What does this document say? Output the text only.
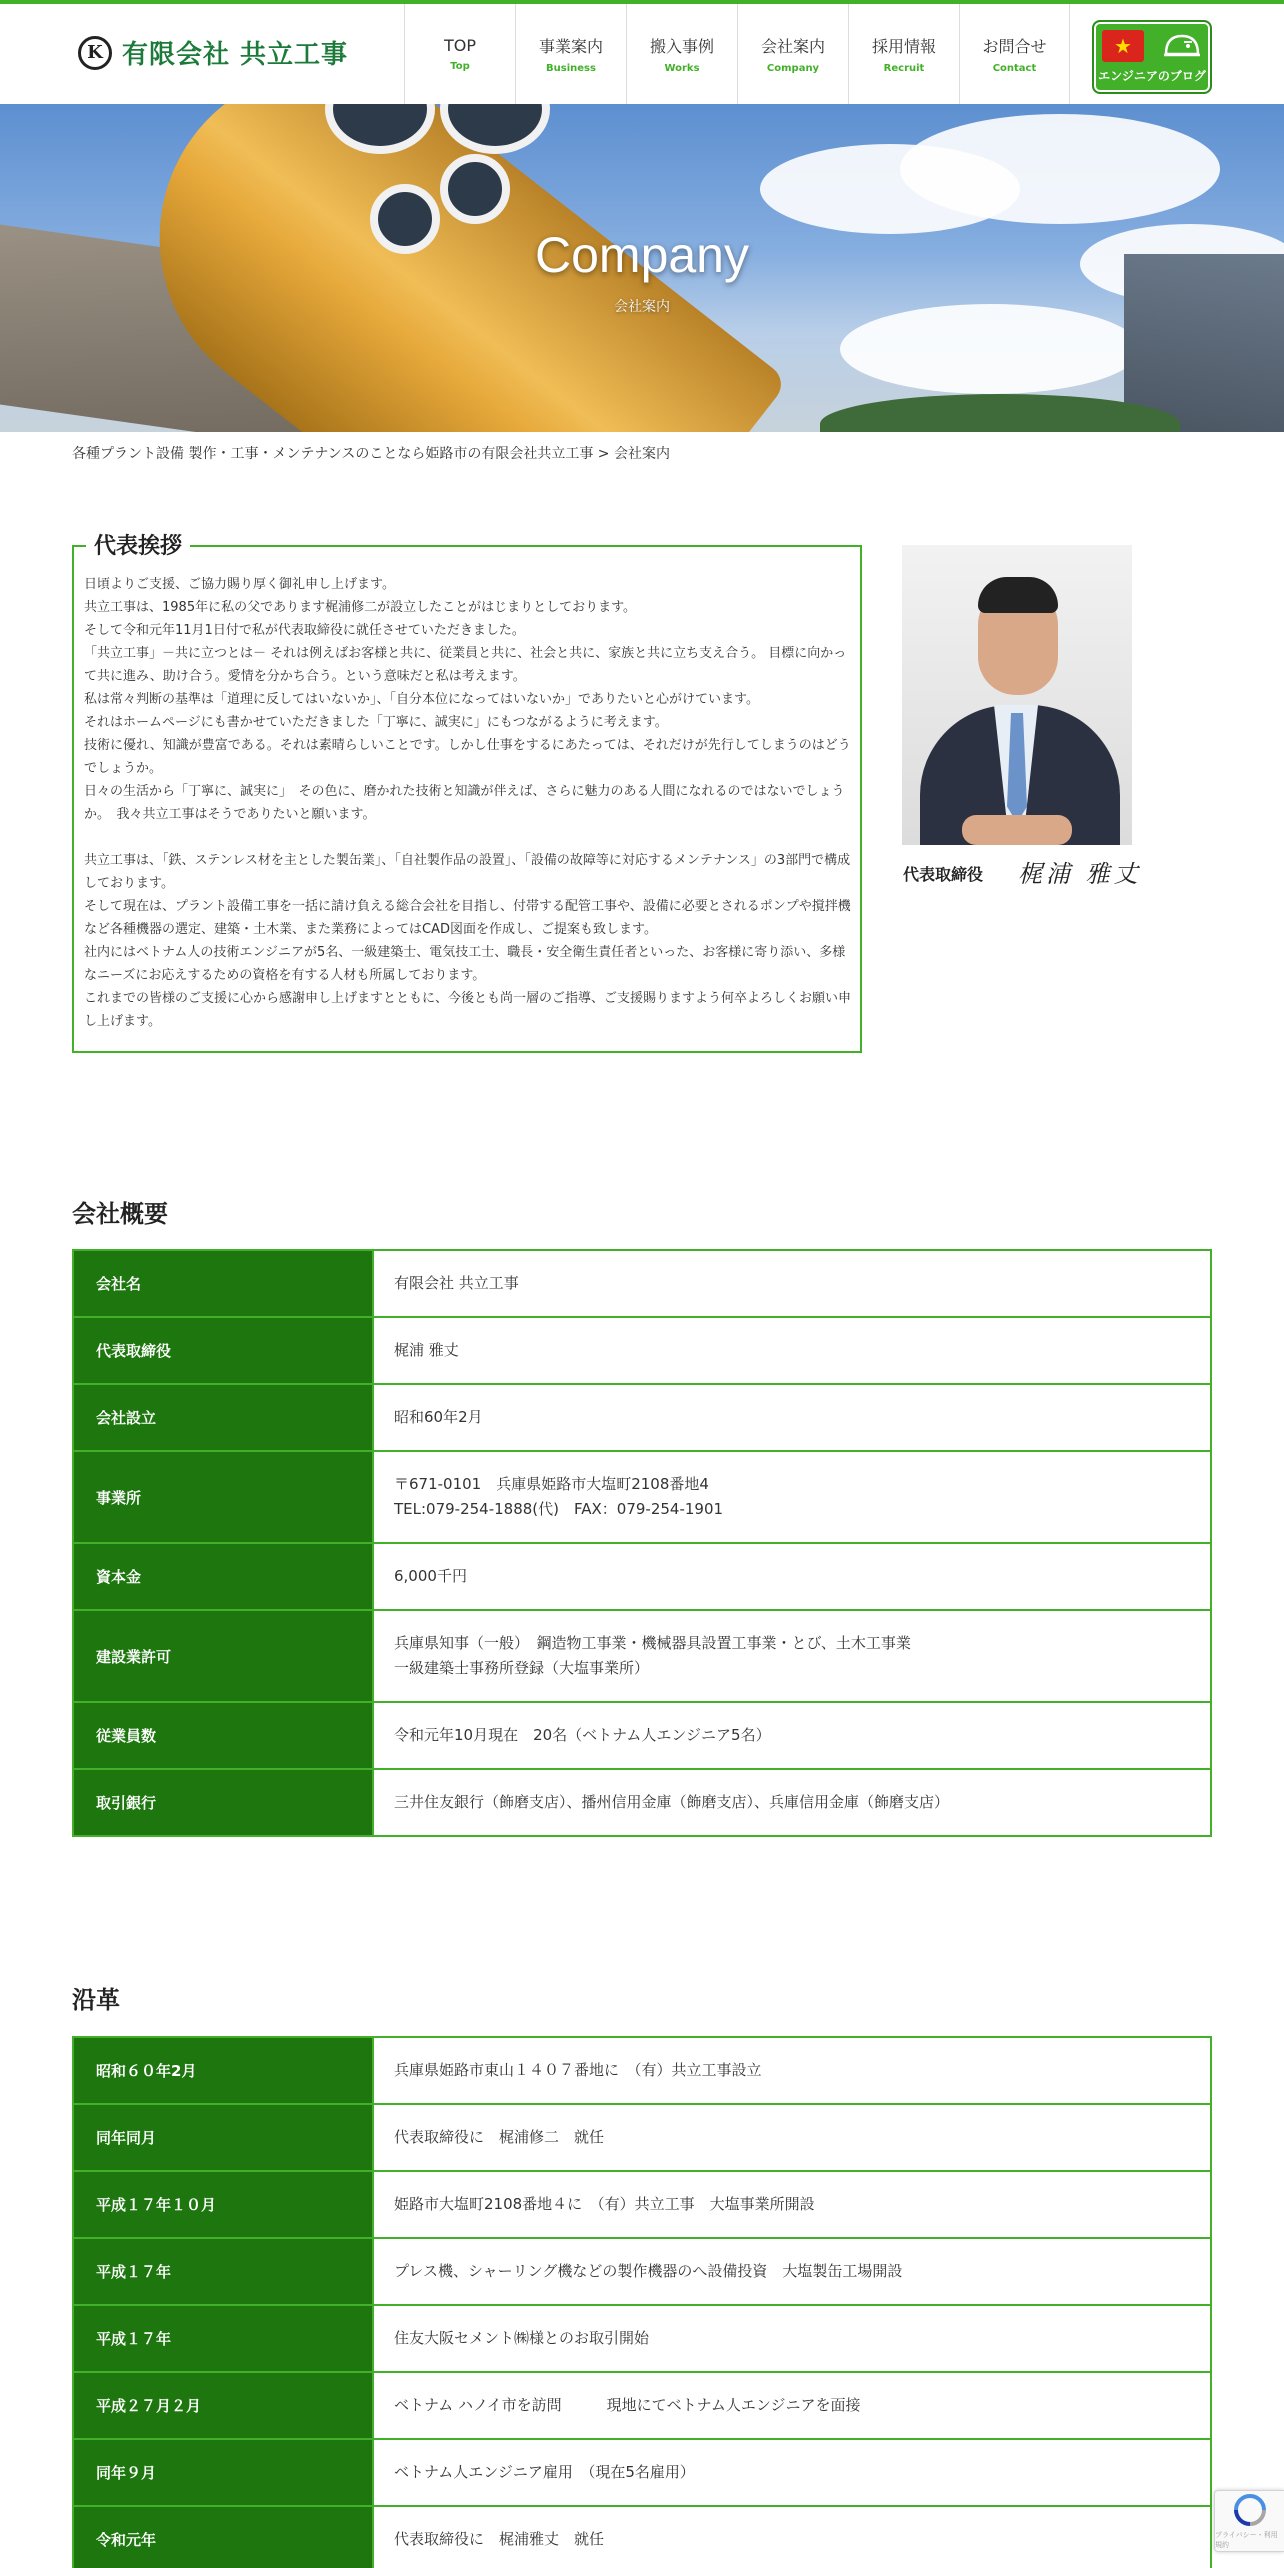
K 有限会社 共立工事	TOP
Top
事業案内
Business
搬入事例
Works
会社案内
Company
採用情報
Recruit
お問合せ
Contact
★
エンジニアのブログ
Company
会社案内
各種プラント設備 製作・工事・メンテナンスのことなら姫路市の有限会社共立工事 > 会社案内
代表挨拶

日頃よりご支援、ご協力賜り厚く御礼申し上げます。

共立工事は、1985年に私の父であります梶浦修二が設立したことがはじまりとしております。

そして令和元年11月1日付で私が代表取締役に就任させていただきました。

「共立工事」－共に立つとは－ それは例えばお客様と共に、従業員と共に、社会と共に、家族と共に立ち支え合う。 目標に向かって共に進み、助け合う。愛情を分かち合う。という意味だと私は考えます。

私は常々判断の基準は「道理に反してはいないか」、「自分本位になってはいないか」でありたいと心がけています。

それはホームページにも書かせていただきました「丁寧に、誠実に」にもつながるように考えます。

技術に優れ、知識が豊富である。それは素晴らしいことです。しかし仕事をするにあたっては、それだけが先行してしまうのはどうでしょうか。

日々の生活から「丁寧に、誠実に」　その色に、磨かれた技術と知識が伴えば、さらに魅力のある人間になれるのではないでしょうか。　我々共立工事はそうでありたいと願います。

共立工事は、「鉄、ステンレス材を主とした製缶業」、「自社製作品の設置」、「設備の故障等に対応するメンテナンス」の3部門で構成しております。

そして現在は、プラント設備工事を一括に請け負える総合会社を目指し、付帯する配管工事や、設備に必要とされるポンプや撹拌機など各種機器の選定、建築・土木業、また業務によってはCAD図面を作成し、ご提案も致します。

社内にはベトナム人の技術エンジニアが5名、一級建築士、電気技工士、職長・安全衛生責任者といった、お客様に寄り添い、多様なニーズにお応えするための資格を有する人材も所属しております。

これまでの皆様のご支援に心から感謝申し上げますとともに、今後とも尚一層のご指導、ご支援賜りますよう何卒よろしくお願い申し上げます。

代表取締役 梶浦 雅丈
会社概要
会社名	有限会社 共立工事

代表取締役	梶浦 雅丈

会社設立	昭和60年2月

事業所	〒671-0101　兵庫県姫路市大塩町2108番地4
TEL:079-254-1888(代)　FAX：079-254-1901

資本金	6,000千円

建設業許可	兵庫県知事（一般）　鋼造物工事業・機械器具設置工事業・とび、土木工事業
一級建築士事務所登録（大塩事業所）

従業員数	令和元年10月現在　20名（ベトナム人エンジニア5名）

取引銀行	三井住友銀行（飾磨支店）、播州信用金庫（飾磨支店）、兵庫信用金庫（飾磨支店）
沿革
昭和６０年2月	兵庫県姫路市東山１４０７番地に　（有）共立工事設立

同年同月	代表取締役に　梶浦修二　就任

平成１７年１０月	姫路市大塩町2108番地４に　（有）共立工事　大塩事業所開設

平成１７年	プレス機、シャーリング機などの製作機器のへ設備投資　大塩製缶工場開設

平成１７年	住友大阪セメント㈱様とのお取引開始

平成２７月２月	ベトナム ハノイ市を訪問　　　現地にてベトナム人エンジニアを面接

同年９月	ベトナム人エンジニア雇用　（現在5名雇用）

令和元年	代表取締役に　梶浦雅丈　就任	プライバシー・利用規約
